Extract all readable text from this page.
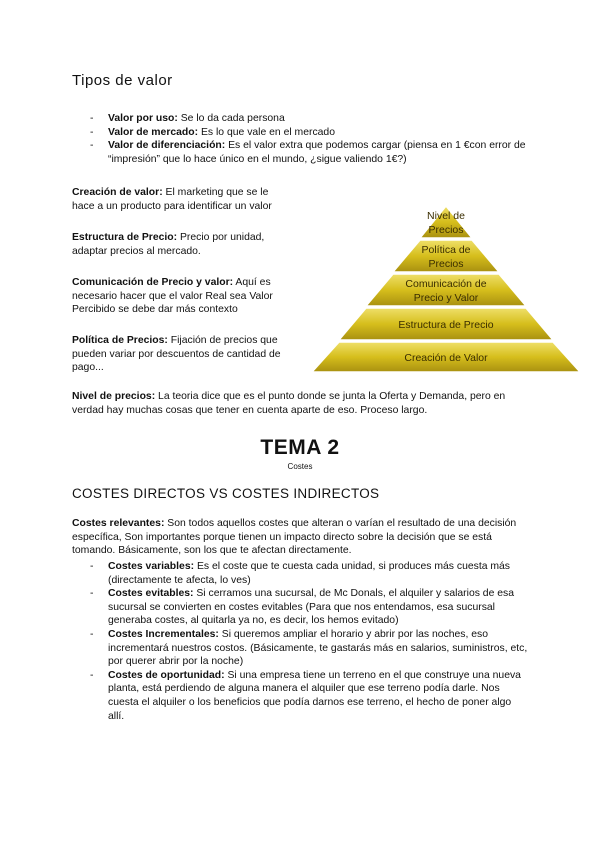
Tipos de valor
- Valor por uso: Se lo da cada persona
- Valor de mercado: Es lo que vale en el mercado
- Valor de diferenciación: Es el valor extra que podemos cargar (piensa en 1 €con error de “impresión” que lo hace único en el mundo, ¿sigue valiendo 1€?)
Creación de valor: El marketing que se le hace a un producto para identificar un valor
Estructura de Precio: Precio por unidad, adaptar precios al mercado.
Comunicación de Precio y valor: Aquí es necesario hacer que el valor Real sea Valor Percibido se debe dar más contexto
Política de Precios: Fijación de precios que pueden variar por descuentos de cantidad de pago...
Nivel de
Precios
Política de
Precios
Comunicación de
Precio y Valor
Estructura de Precio
Creación de Valor
Nivel de precios: La teoria dice que es el punto donde se junta la Oferta y Demanda, pero en verdad hay muchas cosas que tener en cuenta aparte de eso. Proceso largo.
TEMA 2
Costes
COSTES DIRECTOS VS COSTES INDIRECTOS
Costes relevantes: Son todos aquellos costes que alteran o varían el resultado de una decisión específica, Son importantes porque tienen un impacto directo sobre la decisión que se está tomando. Básicamente, son los que te afectan directamente.
- Costes variables: Es el coste que te cuesta cada unidad, si produces más cuesta más (directamente te afecta, lo ves)
- Costes evitables: Si cerramos una sucursal, de Mc Donals, el alquiler y salarios de esa sucursal se convierten en costes evitables (Para que nos entendamos, esa sucursal generaba costes, al quitarla ya no, es decir, los hemos evitado)
- Costes Incrementales: Si queremos ampliar el horario y abrir por las noches, eso incrementará nuestros costos. (Básicamente, te gastarás más en salarios, suministros, etc, por querer abrir por la noche)
- Costes de oportunidad: Si una empresa tiene un terreno en el que construye una nueva planta, está perdiendo de alguna manera el alquiler que ese terreno podía darle. Nos cuesta el alquiler o los beneficios que podía darnos ese terreno, el hecho de poner algo allí.
